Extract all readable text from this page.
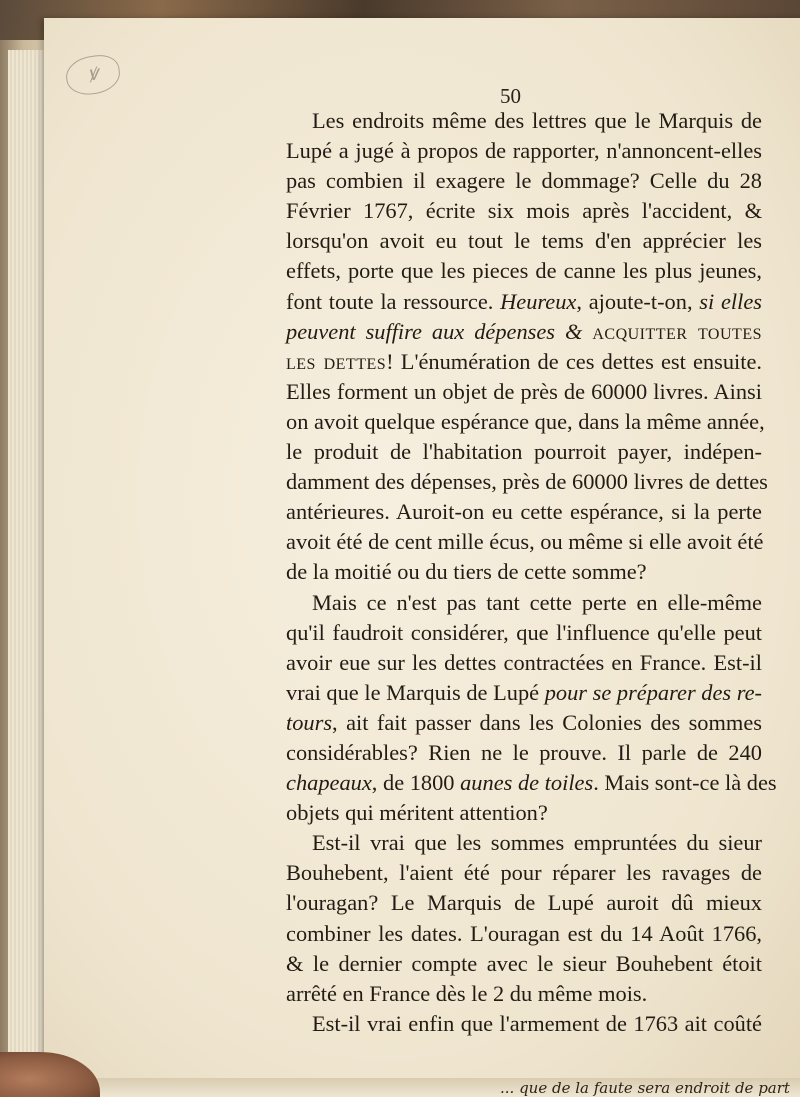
ꝟ
50
Les endroits même des lettres que le Marquis de
Lupé a jugé à propos de rapporter, n'annoncent-elles
pas combien il exagere le dommage? Celle du 28
Février 1767, écrite six mois après l'accident, &
lorsqu'on avoit eu tout le tems d'en apprécier les
effets, porte que les pieces de canne les plus jeunes,
font toute la ressource. Heureux, ajoute-t-on, si elles
peuvent suffire aux dépenses & acquitter toutes
les dettes! L'énumération de ces dettes est ensuite.
Elles forment un objet de près de 60000 livres. Ainsi
on avoit quelque espérance que, dans la même année,
le produit de l'habitation pourroit payer, indépen-
damment des dépenses, près de 60000 livres de dettes
antérieures. Auroit-on eu cette espérance, si la perte
avoit été de cent mille écus, ou même si elle avoit été
de la moitié ou du tiers de cette somme?
Mais ce n'est pas tant cette perte en elle-même
qu'il faudroit considérer, que l'influence qu'elle peut
avoir eue sur les dettes contractées en France. Est-il
vrai que le Marquis de Lupé pour se préparer des re-
tours, ait fait passer dans les Colonies des sommes
considérables? Rien ne le prouve. Il parle de 240
chapeaux, de 1800 aunes de toiles. Mais sont-ce là des
objets qui méritent attention?
Est-il vrai que les sommes empruntées du sieur
Bouhebent, l'aient été pour réparer les ravages de
l'ouragan? Le Marquis de Lupé auroit dû mieux
combiner les dates. L'ouragan est du 14 Août 1766,
& le dernier compte avec le sieur Bouhebent étoit
arrêté en France dès le 2 du même mois.
Est-il vrai enfin que l'armement de 1763 ait coûté
... que de la faute sera endroit de part
